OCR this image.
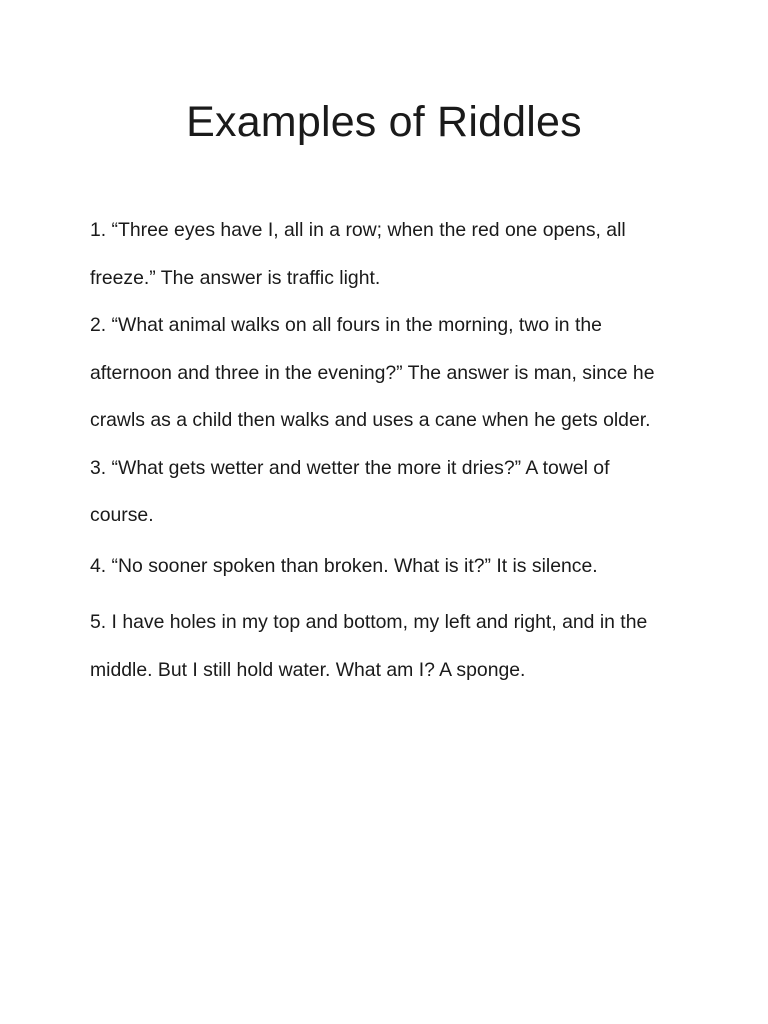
Examples of Riddles
1. “Three eyes have I, all in a row; when the red one opens, all
freeze.” The answer is traffic light.
2. “What animal walks on all fours in the morning, two in the
afternoon and three in the evening?” The answer is man, since he
crawls as a child then walks and uses a cane when he gets older.
3. “What gets wetter and wetter the more it dries?” A towel of
course.
4. “No sooner spoken than broken. What is it?” It is silence.
5. I have holes in my top and bottom, my left and right, and in the
middle. But I still hold water. What am I? A sponge.
